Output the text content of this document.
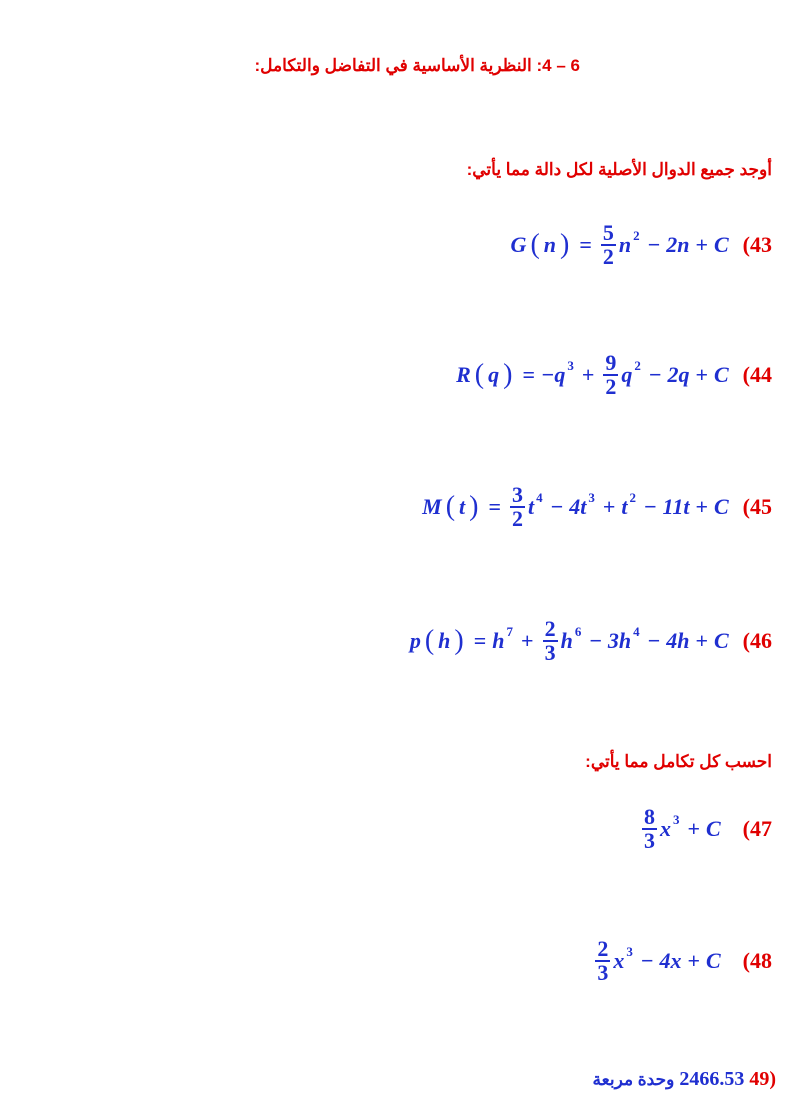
6 – 4: النظرية الأساسية في التفاضل والتكامل:
أوجد جميع الدوال الأصلية لكل دالة مما يأتي:
G ( n ) = $\frac{5}{2}$ n 2 − 2n + C (43
R ( q ) = −q $3 + \frac{9}{2}$ q 2 − 2q + C (44
M ( t ) = $\frac{3}{2}$ t 4 − 4t 3 + t 2 − 11t + C (45
p ( h ) = h $7 + \frac{2}{3}$ h 6 − 3h 4 − 4h + C (46
احسب كل تكامل مما يأتي:
$\frac{8}{3}$ x 3 + C (47
$\frac{2}{3}$ x 3 − 4x + C (48
(49 2466.53 وحدة مربعة
